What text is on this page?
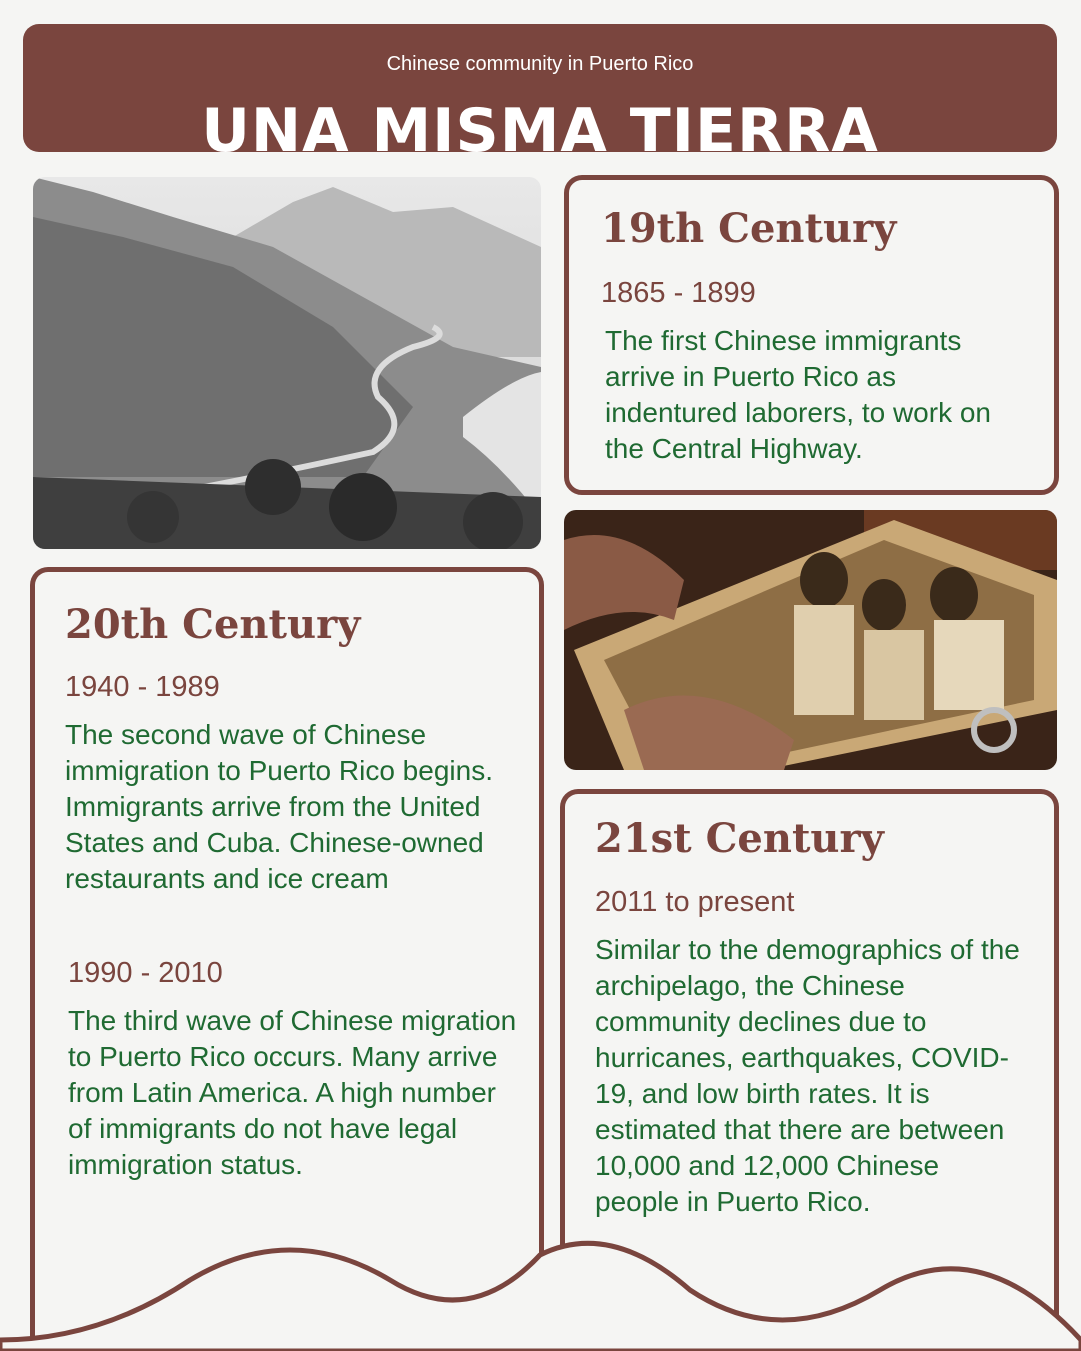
Chinese community in Puerto Rico
UNA MISMA TIERRA
19th Century
1865 - 1899
The first Chinese immigrants arrive in Puerto Rico as indentured laborers, to work on the Central Highway.
20th Century
1940 - 1989
The second wave of Chinese immigration to Puerto Rico begins. Immigrants arrive from the United States and Cuba. Chinese-owned restaurants and ice cream
1990 - 2010
The third wave of Chinese migration to Puerto Rico occurs. Many arrive from Latin America. A high number of immigrants do not have legal immigration status.
21st Century
2011 to present
Similar to the demographics of the archipelago, the Chinese community declines due to hurricanes, earthquakes, COVID-19, and low birth rates. It is estimated that there are between 10,000 and 12,000 Chinese people in Puerto Rico.
